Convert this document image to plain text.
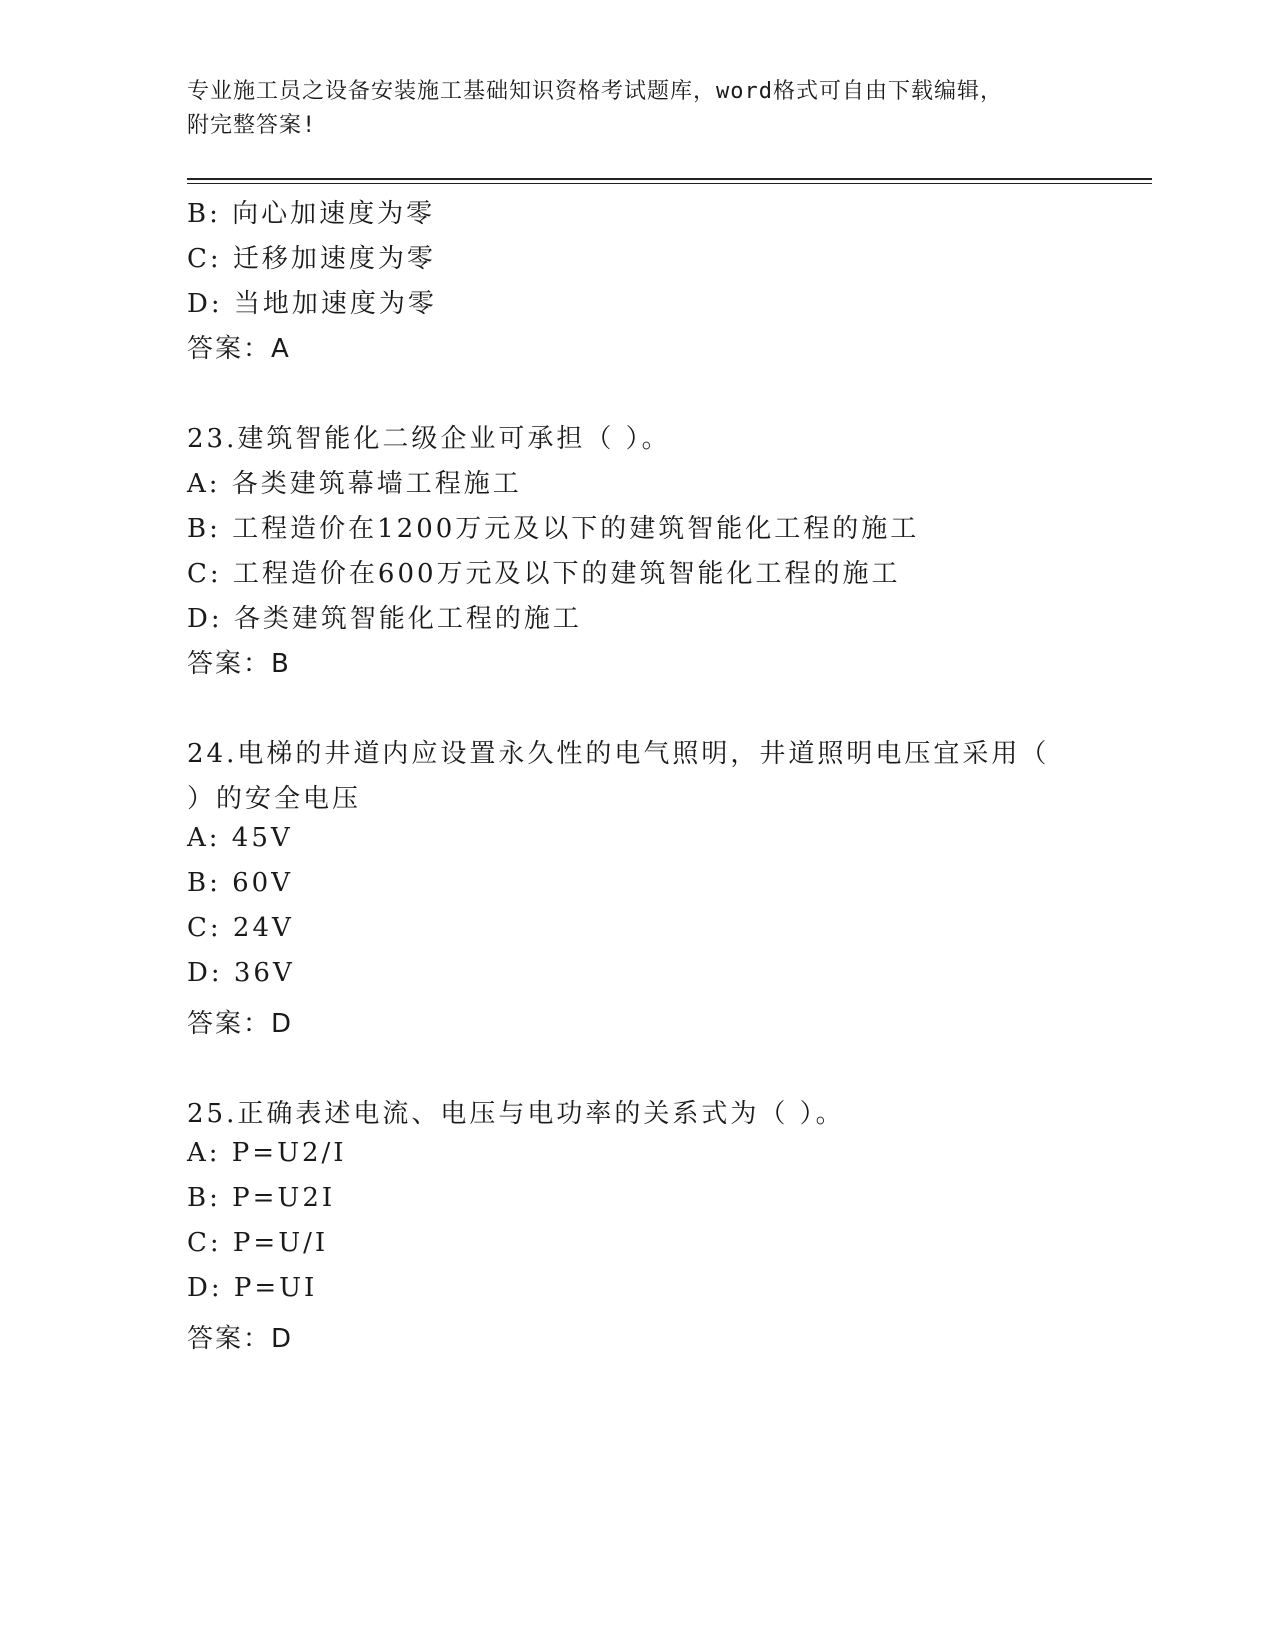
专业施工员之设备安装施工基础知识资格考试题库，word格式可自由下载编辑，
附完整答案!
B: 向心加速度为零
C: 迁移加速度为零
D: 当地加速度为零
答案：A
23.建筑智能化二级企业可承担（ ）。
A: 各类建筑幕墙工程施工
B: 工程造价在1200万元及以下的建筑智能化工程的施工
C: 工程造价在600万元及以下的建筑智能化工程的施工
D: 各类建筑智能化工程的施工
答案：B
24.电梯的井道内应设置永久性的电气照明，井道照明电压宜采用（
）的安全电压
A: 45V
B: 60V
C: 24V
D: 36V
答案：D
25.正确表述电流、电压与电功率的关系式为（ ）。
A: P=U2/I
B: P=U2I
C: P=U/I
D: P=UI
答案：D
